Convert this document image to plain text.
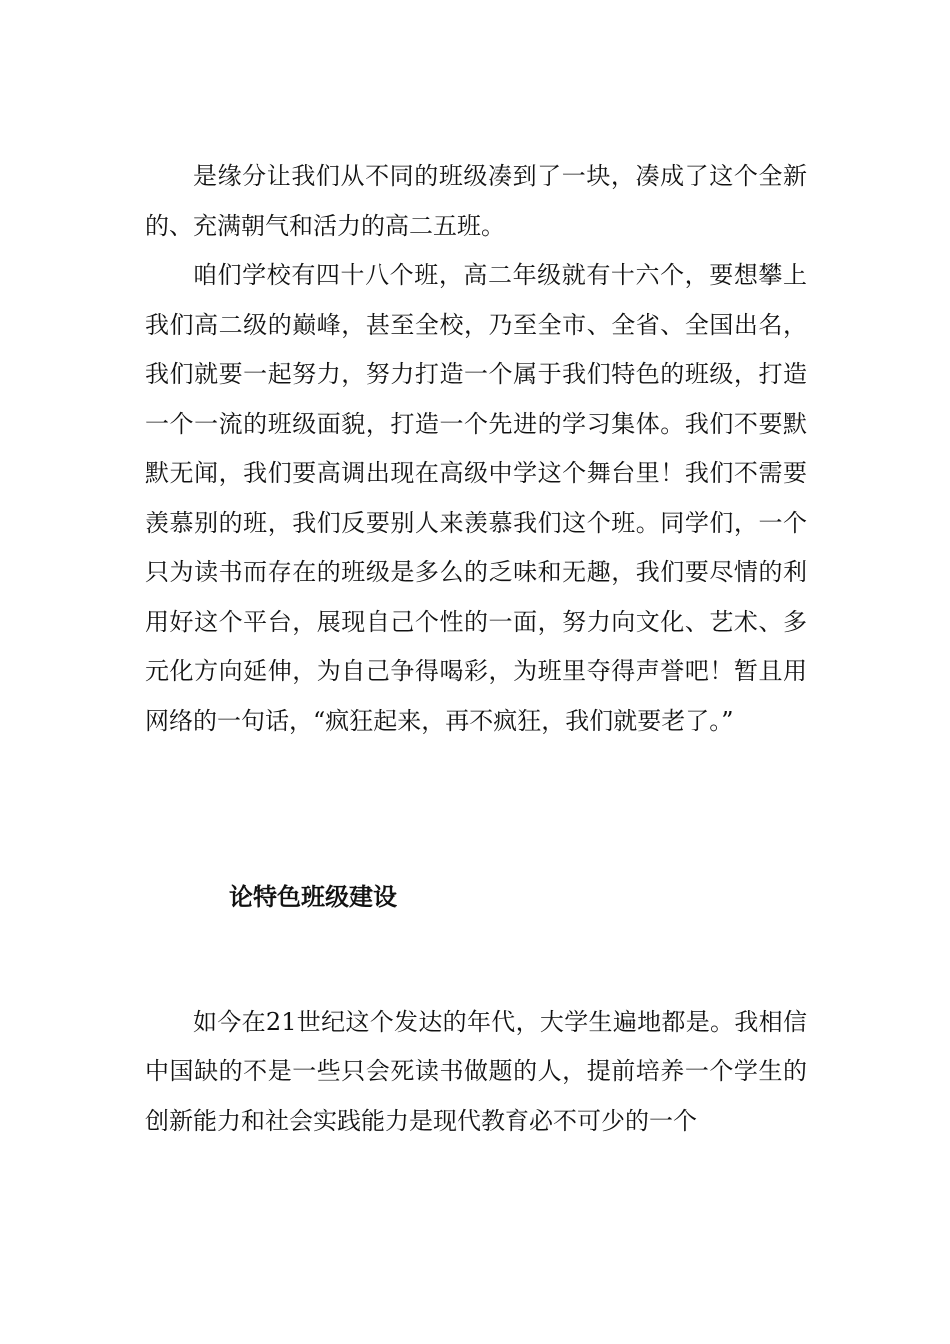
是缘分让我们从不同的班级凑到了一块，凑成了这个全新的、充满朝气和活力的高二五班。

咱们学校有四十八个班，高二年级就有十六个，要想攀上我们高二级的巅峰，甚至全校，乃至全市、全省、全国出名，我们就要一起努力，努力打造一个属于我们特色的班级，打造一个一流的班级面貌，打造一个先进的学习集体。我们不要默默无闻，我们要高调出现在高级中学这个舞台里！我们不需要羡慕别的班，我们反要别人来羡慕我们这个班。同学们，一个只为读书而存在的班级是多么的乏味和无趣，我们要尽情的利用好这个平台，展现自己个性的一面，努力向文化、艺术、多元化方向延伸，为自己争得喝彩，为班里夺得声誉吧！暂且用网络的一句话，“疯狂起来，再不疯狂，我们就要老了。”

论特色班级建设

如今在21世纪这个发达的年代，大学生遍地都是。我相信中国缺的不是一些只会死读书做题的人，提前培养一个学生的创新能力和社会实践能力是现代教育必不可少的一个
